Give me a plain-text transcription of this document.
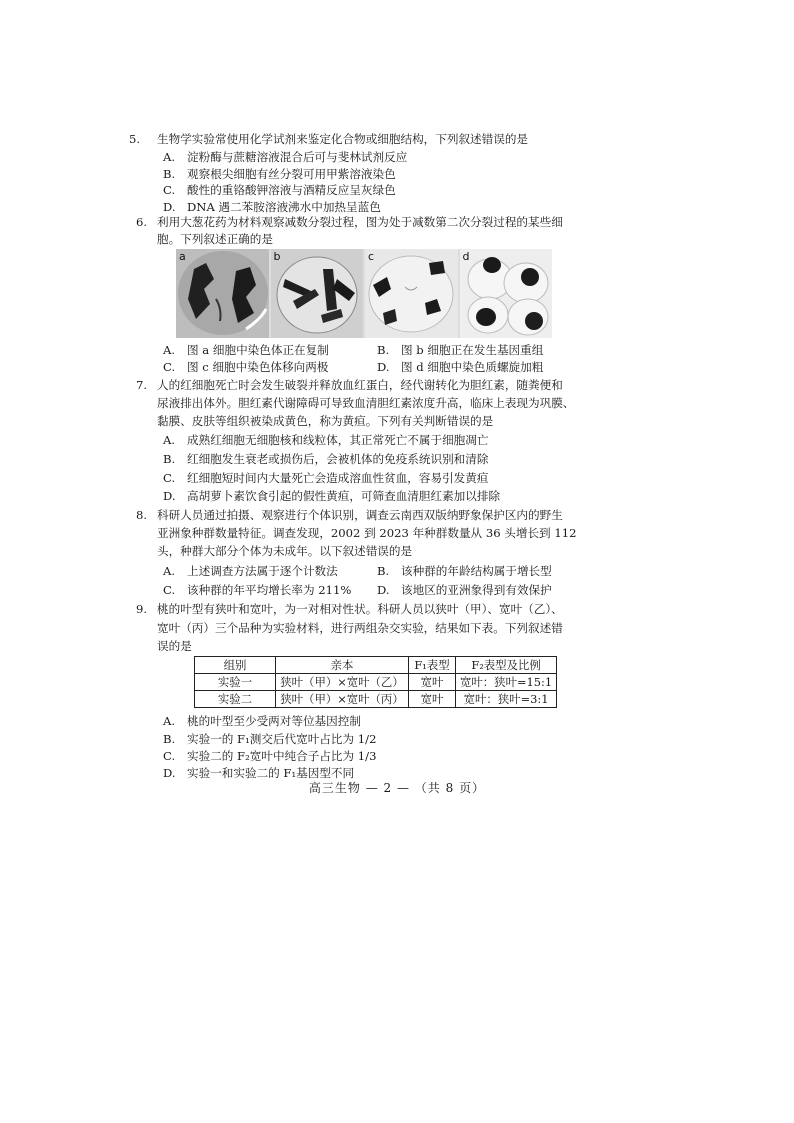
5. 生物学实验常使用化学试剂来鉴定化合物或细胞结构，下列叙述错误的是
A. 淀粉酶与蔗糖溶液混合后可与斐林试剂反应
B. 观察根尖细胞有丝分裂可用甲紫溶液染色
C. 酸性的重铬酸钾溶液与酒精反应呈灰绿色
D. DNA 遇二苯胺溶液沸水中加热呈蓝色
6. 利用大葱花药为材料观察减数分裂过程，图为处于减数第二次分裂过程的某些细
胞。下列叙述正确的是
a	b	c	d
A. 图 a 细胞中染色体正在复制	B. 图 b 细胞正在发生基因重组
C. 图 c 细胞中染色体移向两极	D. 图 d 细胞中染色质螺旋加粗
7. 人的红细胞死亡时会发生破裂并释放血红蛋白，经代谢转化为胆红素，随粪便和
尿液排出体外。胆红素代谢障碍可导致血清胆红素浓度升高，临床上表现为巩膜、
黏膜、皮肤等组织被染成黄色，称为黄疸。下列有关判断错误的是
A. 成熟红细胞无细胞核和线粒体，其正常死亡不属于细胞凋亡
B. 红细胞发生衰老或损伤后，会被机体的免疫系统识别和清除
C. 红细胞短时间内大量死亡会造成溶血性贫血，容易引发黄疸
D. 高胡萝卜素饮食引起的假性黄疸，可筛查血清胆红素加以排除
8. 科研人员通过拍摄、观察进行个体识别，调查云南西双版纳野象保护区内的野生
亚洲象种群数量特征。调查发现，2002 到 2023 年种群数量从 36 头增长到 112
头，种群大部分个体为未成年。以下叙述错误的是
A. 上述调查方法属于逐个计数法	B. 该种群的年龄结构属于增长型
C. 该种群的年平均增长率为 211% D. 该地区的亚洲象得到有效保护
9. 桃的叶型有狭叶和宽叶，为一对相对性状。科研人员以狭叶（甲）、宽叶（乙）、
宽叶（丙）三个品种为实验材料，进行两组杂交实验，结果如下表。下列叙述错
误的是
组别	亲本	F₁表型	F₂表型及比例
实验一	狭叶（甲）×宽叶（乙）	宽叶	宽叶：狭叶=15:1
实验二	狭叶（甲）×宽叶（丙）	宽叶	宽叶：狭叶=3:1
A. 桃的叶型至少受两对等位基因控制
B. 实验一的 F₁测交后代宽叶占比为 1/2
C. 实验二的 F₂宽叶中纯合子占比为 1/3
D. 实验一和实验二的 F₁基因型不同
高三生物 — 2 — （共 8 页）
